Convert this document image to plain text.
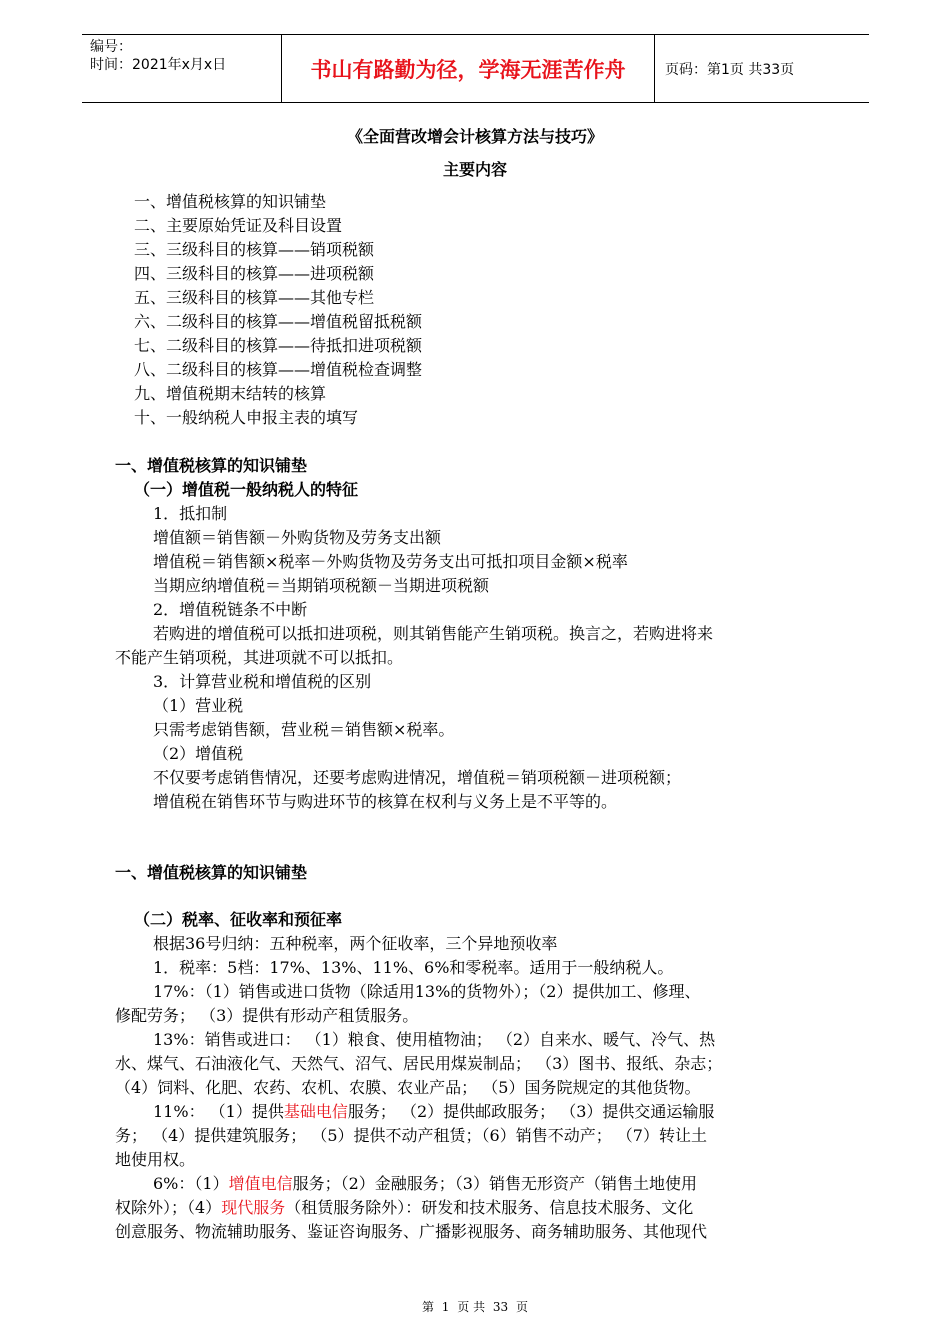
编号：
时间：2021年x月x日	书山有路勤为径，学海无涯苦作舟	页码：第1页 共33页
《全面营改增会计核算方法与技巧》
主要内容
一、增值税核算的知识铺垫
二、主要原始凭证及科目设置
三、三级科目的核算——销项税额
四、三级科目的核算——进项税额
五、三级科目的核算——其他专栏
六、二级科目的核算——增值税留抵税额
七、二级科目的核算——待抵扣进项税额
八、二级科目的核算——增值税检查调整
九、增值税期末结转的核算
十、一般纳税人申报主表的填写
一、增值税核算的知识铺垫
（一）增值税一般纳税人的特征
1．抵扣制
增值额＝销售额－外购货物及劳务支出额
增值税＝销售额×税率－外购货物及劳务支出可抵扣项目金额×税率
当期应纳增值税＝当期销项税额－当期进项税额
2．增值税链条不中断
若购进的增值税可以抵扣进项税，则其销售能产生销项税。换言之，若购进将来
不能产生销项税，其进项就不可以抵扣。
3．计算营业税和增值税的区别
（1）营业税
只需考虑销售额，营业税＝销售额×税率。
（2）增值税
不仅要考虑销售情况，还要考虑购进情况，增值税＝销项税额－进项税额；
增值税在销售环节与购进环节的核算在权利与义务上是不平等的。
一、增值税核算的知识铺垫
（二）税率、征收率和预征率
根据36号归纳：五种税率，两个征收率，三个异地预收率
1．税率：5档：17%、13%、11%、6%和零税率。适用于一般纳税人。
17%：（1）销售或进口货物（除适用13%的货物外）；（2）提供加工、修理、
修配劳务； （3）提供有形动产租赁服务。
13%：销售或进口： （1）粮食、使用植物油； （2）自来水、暖气、冷气、热
水、煤气、石油液化气、天然气、沼气、居民用煤炭制品； （3）图书、报纸、杂志；
（4）饲料、化肥、农药、农机、农膜、农业产品； （5）国务院规定的其他货物。
11%： （1）提供基础电信服务； （2）提供邮政服务； （3）提供交通运输服
务； （4）提供建筑服务； （5）提供不动产租赁；（6）销售不动产； （7）转让土
地使用权。
6%：（1）增值电信服务；（2）金融服务；（3）销售无形资产（销售土地使用
权除外）；（4）现代服务（租赁服务除外）：研发和技术服务、信息技术服务、文化
创意服务、物流辅助服务、鉴证咨询服务、广播影视服务、商务辅助服务、其他现代
第 1 页 共 33 页
